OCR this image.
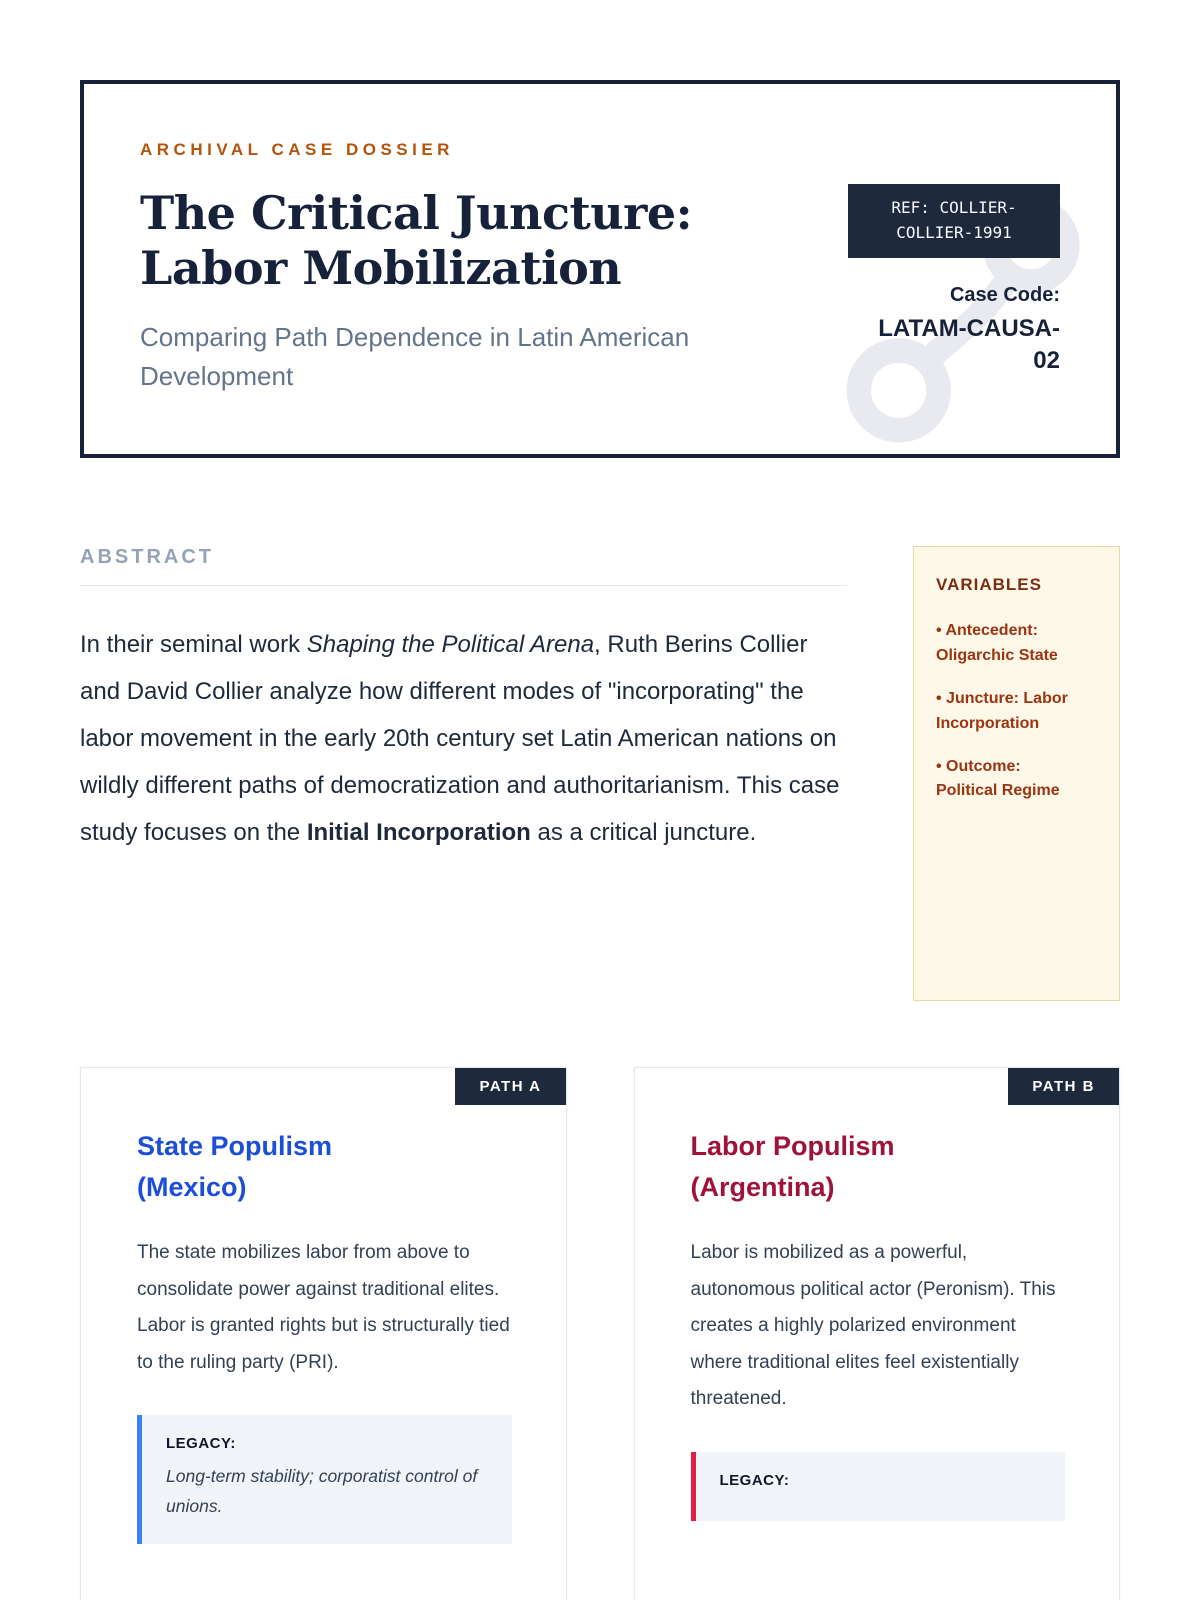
ARCHIVAL CASE DOSSIER
The Critical Juncture: Labor Mobilization

Comparing Path Dependence in Latin American Development

REF: COLLIER-COLLIER-1991
Case Code:
LATAM-CAUSA-02
ABSTRACT

In their seminal work Shaping the Political Arena, Ruth Berins Collier and David Collier analyze how different modes of "incorporating" the labor movement in the early 20th century set Latin American nations on wildly different paths of democratization and authoritarianism. This case study focuses on the Initial Incorporation as a critical juncture.

VARIABLES
• Antecedent: Oligarchic State
• Juncture: Labor Incorporation
• Outcome: Political Regime
PATH A
State Populism (Mexico)

The state mobilizes labor from above to consolidate power against traditional elites. Labor is granted rights but is structurally tied to the ruling party (PRI).

LEGACY:
Long-term stability; corporatist control of unions.
PATH B
Labor Populism (Argentina)

Labor is mobilized as a powerful, autonomous political actor (Peronism). This creates a highly polarized environment where traditional elites feel existentially threatened.

LEGACY:
